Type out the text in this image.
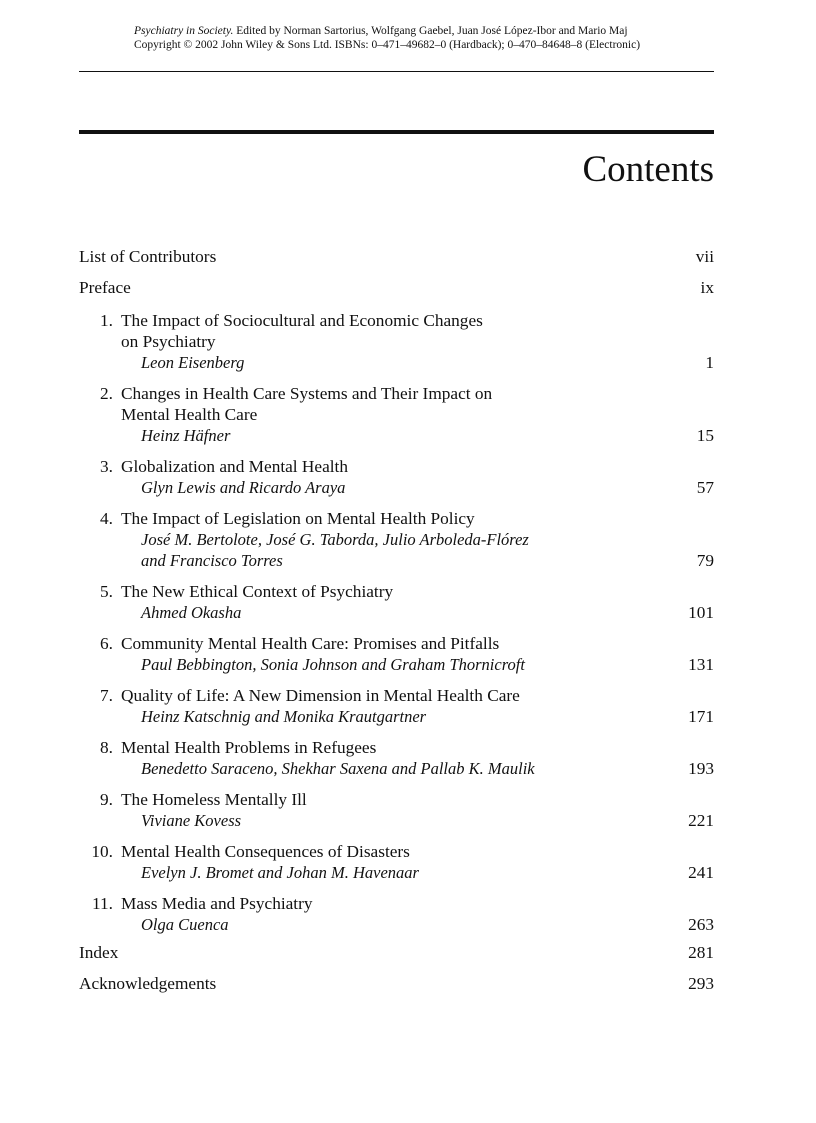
Psychiatry in Society. Edited by Norman Sartorius, Wolfgang Gaebel, Juan José López-Ibor and Mario Maj
Copyright © 2002 John Wiley & Sons Ltd. ISBNs: 0–471–49682–0 (Hardback); 0–470–84648–8 (Electronic)
Contents
List of Contributors	vii
Preface	ix
1. The Impact of Sociocultural and Economic Changes
on Psychiatry
Leon Eisenberg	1
2. Changes in Health Care Systems and Their Impact on
Mental Health Care
Heinz Häfner	15
3. Globalization and Mental Health
Glyn Lewis and Ricardo Araya	57
4. The Impact of Legislation on Mental Health Policy
José M. Bertolote, José G. Taborda, Julio Arboleda-Flórez
and Francisco Torres	79
5. The New Ethical Context of Psychiatry
Ahmed Okasha	101
6. Community Mental Health Care: Promises and Pitfalls
Paul Bebbington, Sonia Johnson and Graham Thornicroft	131
7. Quality of Life: A New Dimension in Mental Health Care
Heinz Katschnig and Monika Krautgartner	171
8. Mental Health Problems in Refugees
Benedetto Saraceno, Shekhar Saxena and Pallab K. Maulik	193
9. The Homeless Mentally Ill
Viviane Kovess	221
10. Mental Health Consequences of Disasters
Evelyn J. Bromet and Johan M. Havenaar	241
11. Mass Media and Psychiatry
Olga Cuenca	263
Index	281
Acknowledgements	293
